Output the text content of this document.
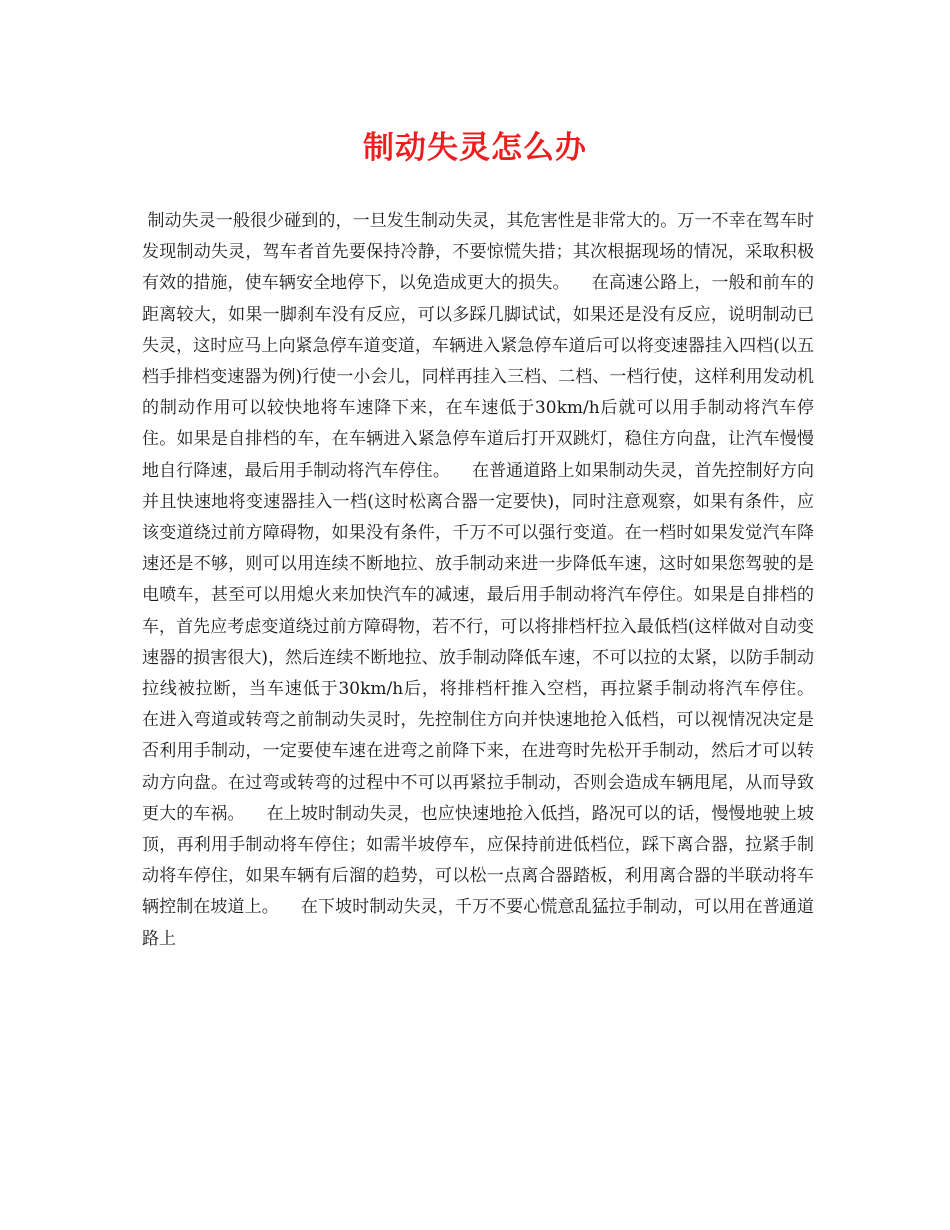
制动失灵怎么办

制动失灵一般很少碰到的，一旦发生制动失灵，其危害性是非常大的。万一不幸在驾车时发现制动失灵，驾车者首先要保持冷静，不要惊慌失措；其次根据现场的情况，采取积极有效的措施，使车辆安全地停下，以免造成更大的损失。    在高速公路上，一般和前车的距离较大，如果一脚刹车没有反应，可以多踩几脚试试，如果还是没有反应，说明制动已失灵，这时应马上向紧急停车道变道，车辆进入紧急停车道后可以将变速器挂入四档(以五档手排档变速器为例)行使一小会儿，同样再挂入三档、二档、一档行使，这样利用发动机的制动作用可以较快地将车速降下来，在车速低于30km/h后就可以用手制动将汽车停住。如果是自排档的车，在车辆进入紧急停车道后打开双跳灯，稳住方向盘，让汽车慢慢地自行降速，最后用手制动将汽车停住。    在普通道路上如果制动失灵，首先控制好方向并且快速地将变速器挂入一档(这时松离合器一定要快)，同时注意观察，如果有条件，应该变道绕过前方障碍物，如果没有条件，千万不可以强行变道。在一档时如果发觉汽车降速还是不够，则可以用连续不断地拉、放手制动来进一步降低车速，这时如果您驾驶的是电喷车，甚至可以用熄火来加快汽车的减速，最后用手制动将汽车停住。如果是自排档的车，首先应考虑变道绕过前方障碍物，若不行，可以将排档杆拉入最低档(这样做对自动变速器的损害很大)，然后连续不断地拉、放手制动降低车速，不可以拉的太紧，以防手制动拉线被拉断，当车速低于30km/h后，将排档杆推入空档，再拉紧手制动将汽车停住。    在进入弯道或转弯之前制动失灵时，先控制住方向并快速地抢入低档，可以视情况决定是否利用手制动，一定要使车速在进弯之前降下来，在进弯时先松开手制动，然后才可以转动方向盘。在过弯或转弯的过程中不可以再紧拉手制动，否则会造成车辆甩尾，从而导致更大的车祸。    在上坡时制动失灵，也应快速地抢入低挡，路况可以的话，慢慢地驶上坡顶，再利用手制动将车停住；如需半坡停车，应保持前进低档位，踩下离合器，拉紧手制动将车停住，如果车辆有后溜的趋势，可以松一点离合器踏板，利用离合器的半联动将车辆控制在坡道上。    在下坡时制动失灵，千万不要心慌意乱猛拉手制动，可以用在普通道路上
